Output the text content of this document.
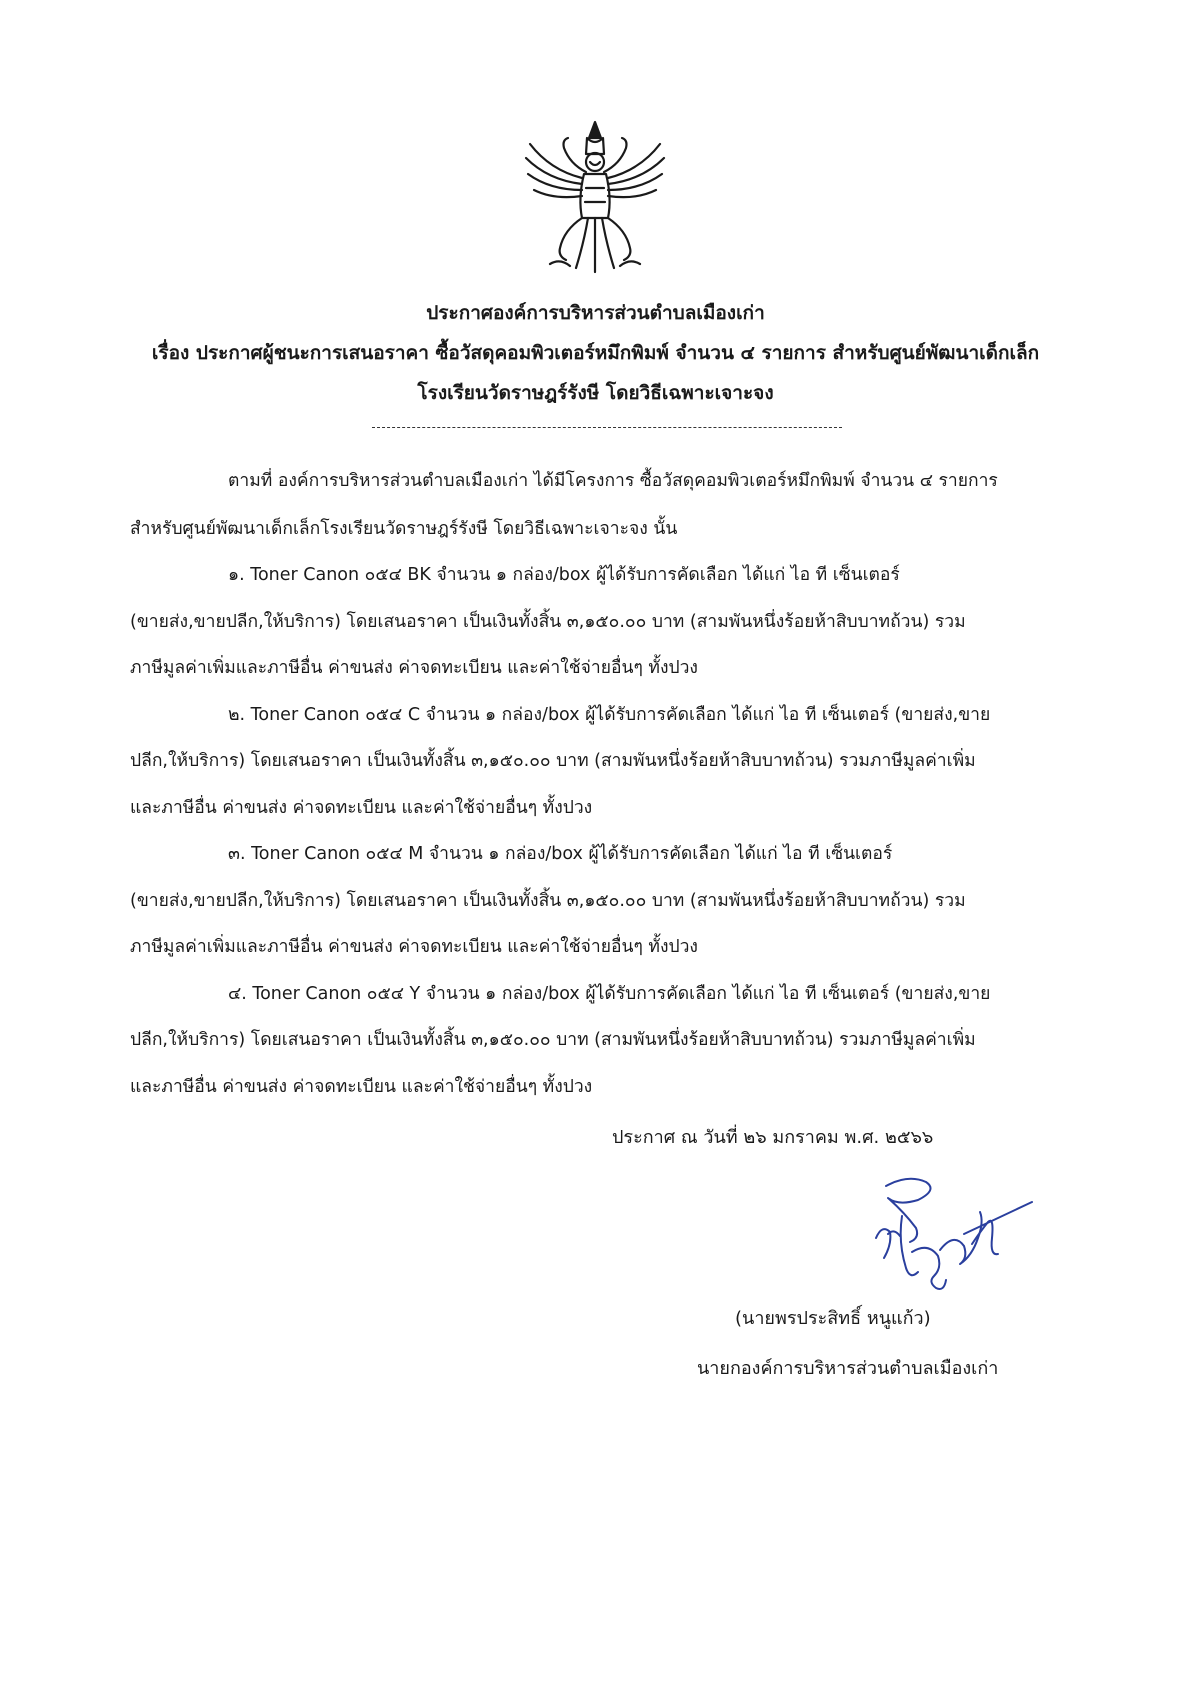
ประกาศองค์การบริหารส่วนตำบลเมืองเก่า
เรื่อง ประกาศผู้ชนะการเสนอราคา ซื้อวัสดุคอมพิวเตอร์หมึกพิมพ์ จำนวน ๔ รายการ สำหรับศูนย์พัฒนาเด็กเล็ก
โรงเรียนวัดราษฎร์รังษี โดยวิธีเฉพาะเจาะจง
ตามที่ องค์การบริหารส่วนตำบลเมืองเก่า ได้มีโครงการ ซื้อวัสดุคอมพิวเตอร์หมึกพิมพ์ จำนวน ๔ รายการ
สำหรับศูนย์พัฒนาเด็กเล็กโรงเรียนวัดราษฎร์รังษี โดยวิธีเฉพาะเจาะจง นั้น
๑. Toner Canon ๐๕๔ BK จำนวน ๑ กล่อง/box ผู้ได้รับการคัดเลือก ได้แก่ ไอ ที เซ็นเตอร์
(ขายส่ง,ขายปลีก,ให้บริการ) โดยเสนอราคา เป็นเงินทั้งสิ้น ๓,๑๕๐.๐๐ บาท (สามพันหนึ่งร้อยห้าสิบบาทถ้วน) รวม
ภาษีมูลค่าเพิ่มและภาษีอื่น ค่าขนส่ง ค่าจดทะเบียน และค่าใช้จ่ายอื่นๆ ทั้งปวง
๒. Toner Canon ๐๕๔ C จำนวน ๑ กล่อง/box ผู้ได้รับการคัดเลือก ได้แก่ ไอ ที เซ็นเตอร์ (ขายส่ง,ขาย
ปลีก,ให้บริการ) โดยเสนอราคา เป็นเงินทั้งสิ้น ๓,๑๕๐.๐๐ บาท (สามพันหนึ่งร้อยห้าสิบบาทถ้วน) รวมภาษีมูลค่าเพิ่ม
และภาษีอื่น ค่าขนส่ง ค่าจดทะเบียน และค่าใช้จ่ายอื่นๆ ทั้งปวง
๓. Toner Canon ๐๕๔ M จำนวน ๑ กล่อง/box ผู้ได้รับการคัดเลือก ได้แก่ ไอ ที เซ็นเตอร์
(ขายส่ง,ขายปลีก,ให้บริการ) โดยเสนอราคา เป็นเงินทั้งสิ้น ๓,๑๕๐.๐๐ บาท (สามพันหนึ่งร้อยห้าสิบบาทถ้วน) รวม
ภาษีมูลค่าเพิ่มและภาษีอื่น ค่าขนส่ง ค่าจดทะเบียน และค่าใช้จ่ายอื่นๆ ทั้งปวง
๔. Toner Canon ๐๕๔ Y จำนวน ๑ กล่อง/box ผู้ได้รับการคัดเลือก ได้แก่ ไอ ที เซ็นเตอร์ (ขายส่ง,ขาย
ปลีก,ให้บริการ) โดยเสนอราคา เป็นเงินทั้งสิ้น ๓,๑๕๐.๐๐ บาท (สามพันหนึ่งร้อยห้าสิบบาทถ้วน) รวมภาษีมูลค่าเพิ่ม
และภาษีอื่น ค่าขนส่ง ค่าจดทะเบียน และค่าใช้จ่ายอื่นๆ ทั้งปวง
ประกาศ ณ วันที่ ๒๖ มกราคม พ.ศ. ๒๕๖๖
(นายพรประสิทธิ์ หนูแก้ว)
นายกองค์การบริหารส่วนตำบลเมืองเก่า
